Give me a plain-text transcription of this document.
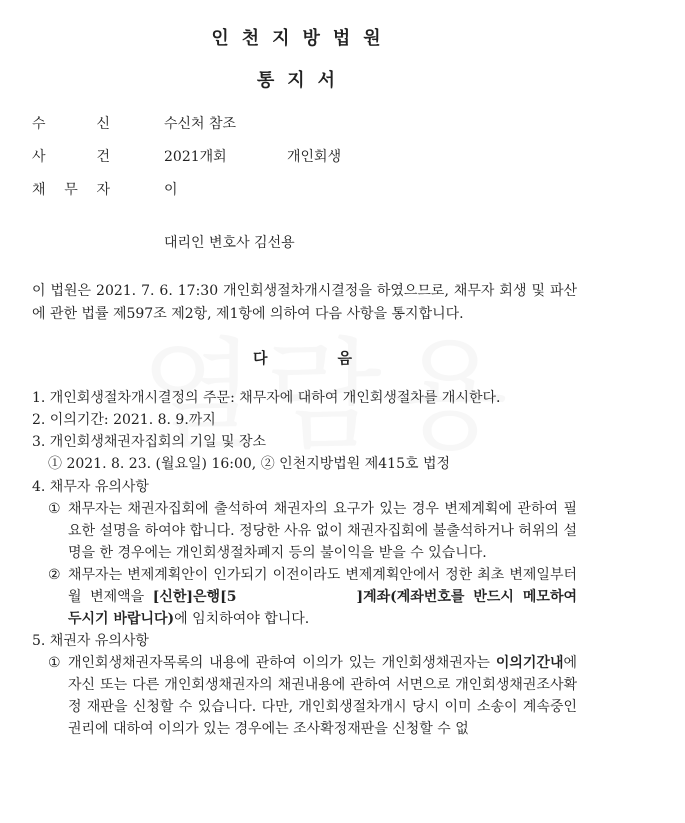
인천지방법원
통지서
수	신	수신처 참조
사	건	2021개회	개인회생
채 무 자	이
대리인 변호사 김선용
이 법원은 2021. 7. 6. 17:30 개인회생절차개시결정을 하였으므로, 채무자 회생 및 파산에 관한 법률 제597조 제2항, 제1항에 의하여 다음 사항을 통지합니다.
다음
1. 개인회생절차개시결정의 주문: 채무자에 대하여 개인회생절차를 개시한다.
2. 이의기간: 2021. 8. 9.까지
3. 개인회생채권자집회의 기일 및 장소
① 2021. 8. 23. (월요일) 16:00, ② 인천지방법원 제415호 법정
4. 채무자 유의사항
① 채무자는 채권자집회에 출석하여 채권자의 요구가 있는 경우 변제계획에 관하여 필요한 설명을 하여야 합니다. 정당한 사유 없이 채권자집회에 불출석하거나 허위의 설명을 한 경우에는 개인회생절차폐지 등의 불이익을 받을 수 있습니다.
② 채무자는 변제계획안이 인가되기 이전이라도 변제계획안에서 정한 최초 변제일부터 월 변제액을 [신한]은행[5	]계좌(계좌번호를 반드시 메모하여 두시기 바랍니다)에 임치하여야 합니다.
5. 채권자 유의사항
① 개인회생채권자목록의 내용에 관하여 이의가 있는 개인회생채권자는 이의기간내에 자신 또는 다른 개인회생채권자의 채권내용에 관하여 서면으로 개인회생채권조사확정 재판을 신청할 수 있습니다. 다만, 개인회생절차개시 당시 이미 소송이 계속중인 권리에 대하여 이의가 있는 경우에는 조사확정재판을 신청할 수 없
